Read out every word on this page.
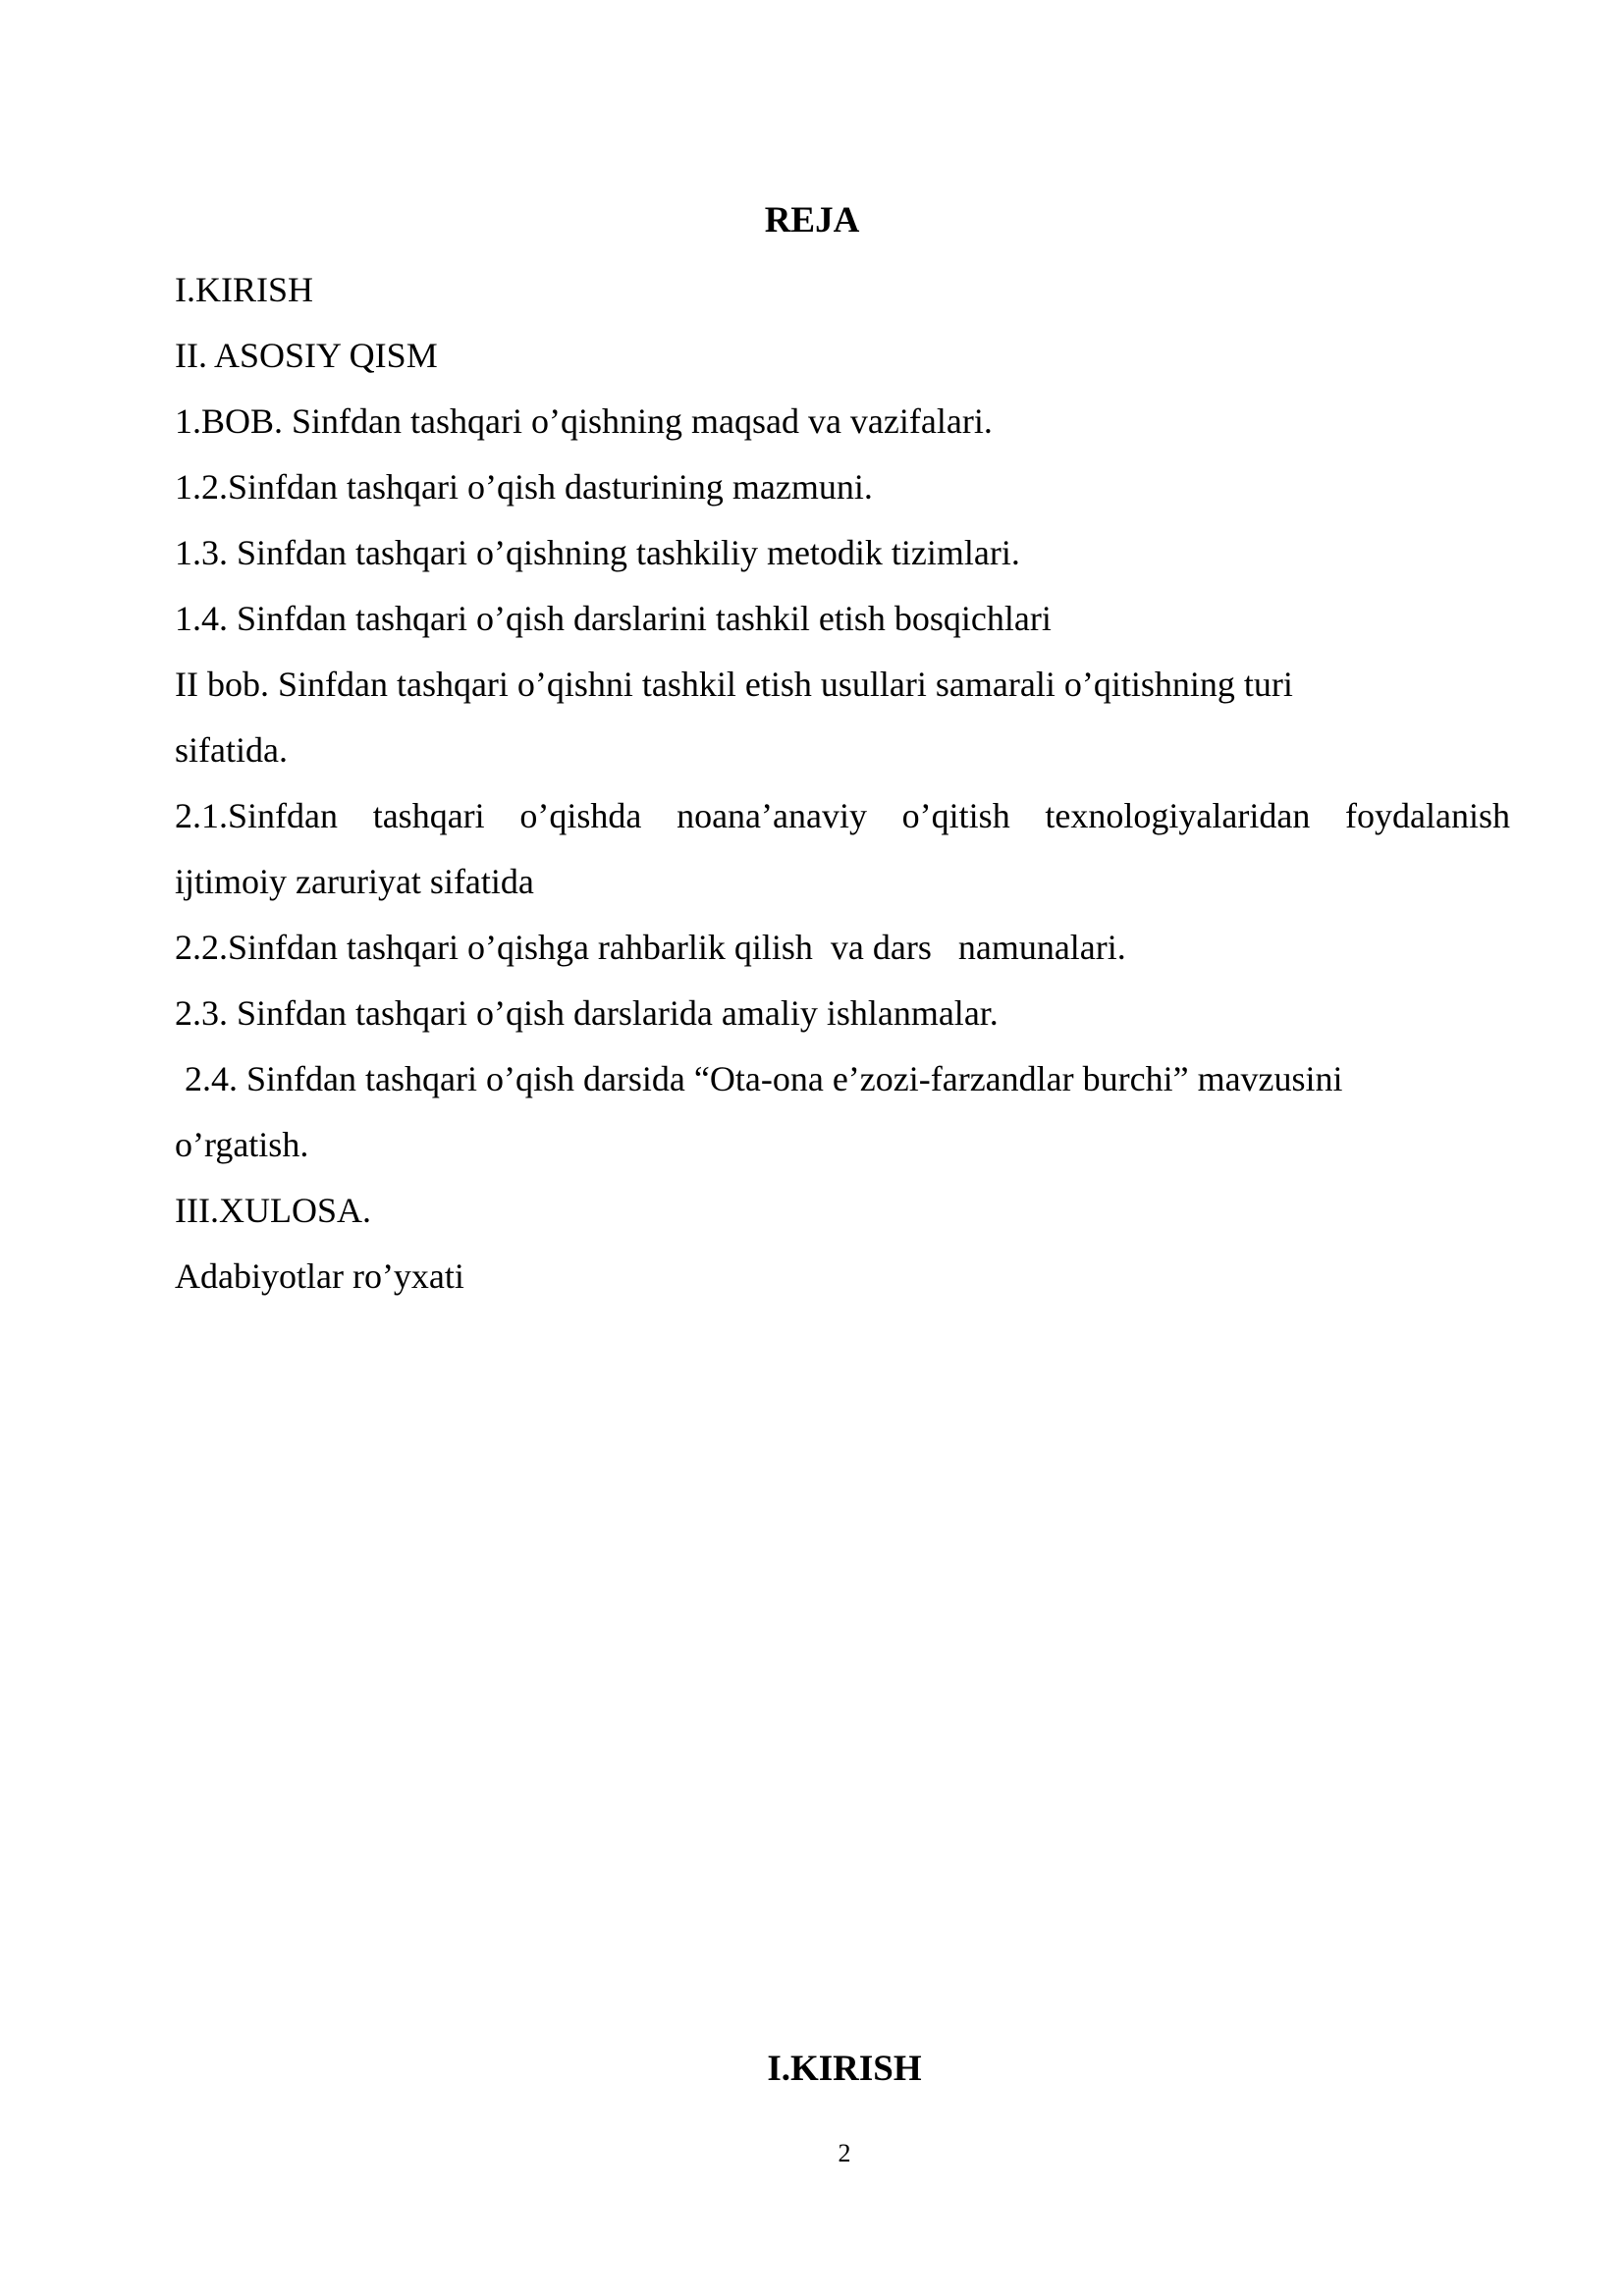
REJA
I.KIRISH
II. ASOSIY QISM
1.BOB. Sinfdan tashqari o’qishning maqsad va vazifalari.
1.2.Sinfdan tashqari o’qish dasturining mazmuni.
1.3. Sinfdan tashqari o’qishning tashkiliy metodik tizimlari.
1.4. Sinfdan tashqari o’qish darslarini tashkil etish bosqichlari
II bob. Sinfdan tashqari o’qishni tashkil etish usullari samarali o’qitishning turi
sifatida.
2.1.Sinfdan tashqari o’qishda noana’anaviy o’qitish texnologiyalaridan foydalanish
ijtimoiy zaruriyat sifatida
2.2.Sinfdan tashqari o’qishga rahbarlik qilish  va dars   namunalari.
2.3. Sinfdan tashqari o’qish darslarida amaliy ishlanmalar.
2.4. Sinfdan tashqari o’qish darsida “Ota-ona e’zozi-farzandlar burchi” mavzusini
o’rgatish.
III.XULOSA.
Adabiyotlar ro’yxati
I.KIRISH
2
